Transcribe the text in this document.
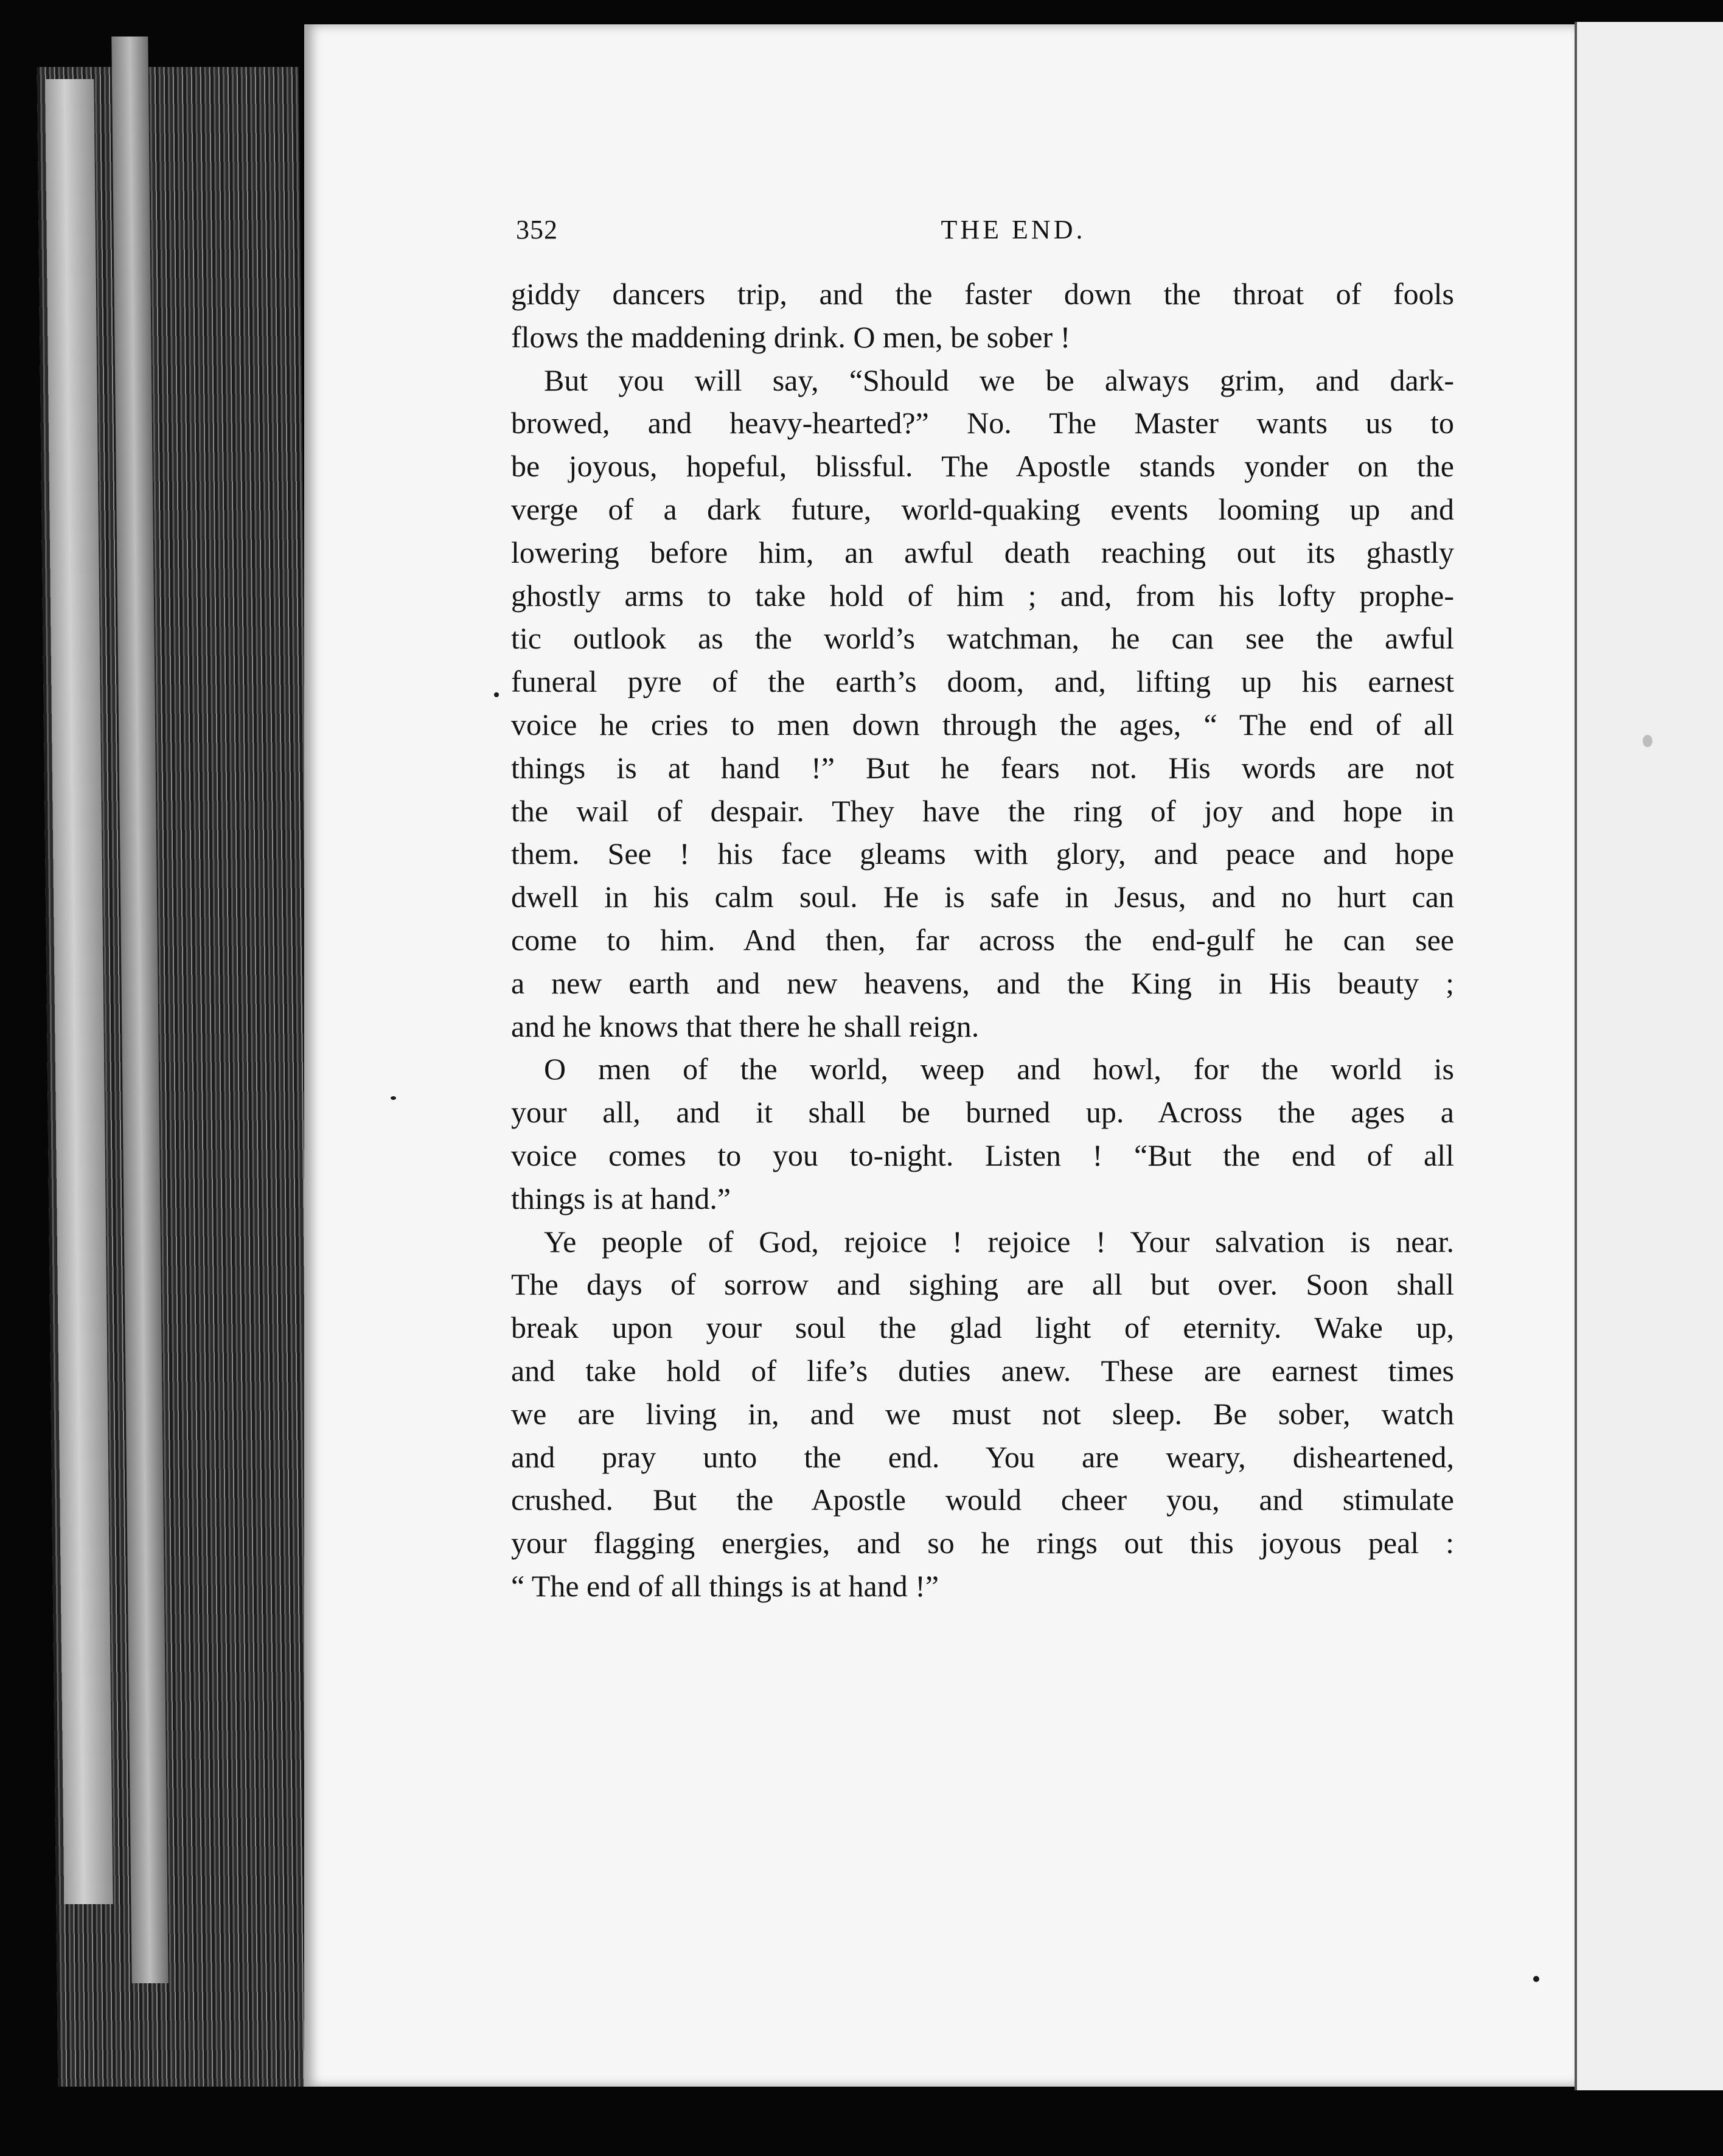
352	THE END.
giddy dancers trip, and the faster down the throat of fools
flows the maddening drink. O men, be sober !
But you will say, “Should we be always grim, and dark-
browed, and heavy-hearted?” No. The Master wants us to
be joyous, hopeful, blissful. The Apostle stands yonder on the
verge of a dark future, world-quaking events looming up and
lowering before him, an awful death reaching out its ghastly
ghostly arms to take hold of him ; and, from his lofty prophe-
tic outlook as the world’s watchman, he can see the awful
funeral pyre of the earth’s doom, and, lifting up his earnest
voice he cries to men down through the ages, “ The end of all
things is at hand !” But he fears not. His words are not
the wail of despair. They have the ring of joy and hope in
them. See ! his face gleams with glory, and peace and hope
dwell in his calm soul. He is safe in Jesus, and no hurt can
come to him. And then, far across the end-gulf he can see
a new earth and new heavens, and the King in His beauty ;
and he knows that there he shall reign.
O men of the world, weep and howl, for the world is
your all, and it shall be burned up. Across the ages a
voice comes to you to-night. Listen ! “But the end of all
things is at hand.”
Ye people of God, rejoice ! rejoice ! Your salvation is near.
The days of sorrow and sighing are all but over. Soon shall
break upon your soul the glad light of eternity. Wake up,
and take hold of life’s duties anew. These are earnest times
we are living in, and we must not sleep. Be sober, watch
and pray unto the end. You are weary, disheartened,
crushed. But the Apostle would cheer you, and stimulate
your flagging energies, and so he rings out this joyous peal :
“ The end of all things is at hand !”
